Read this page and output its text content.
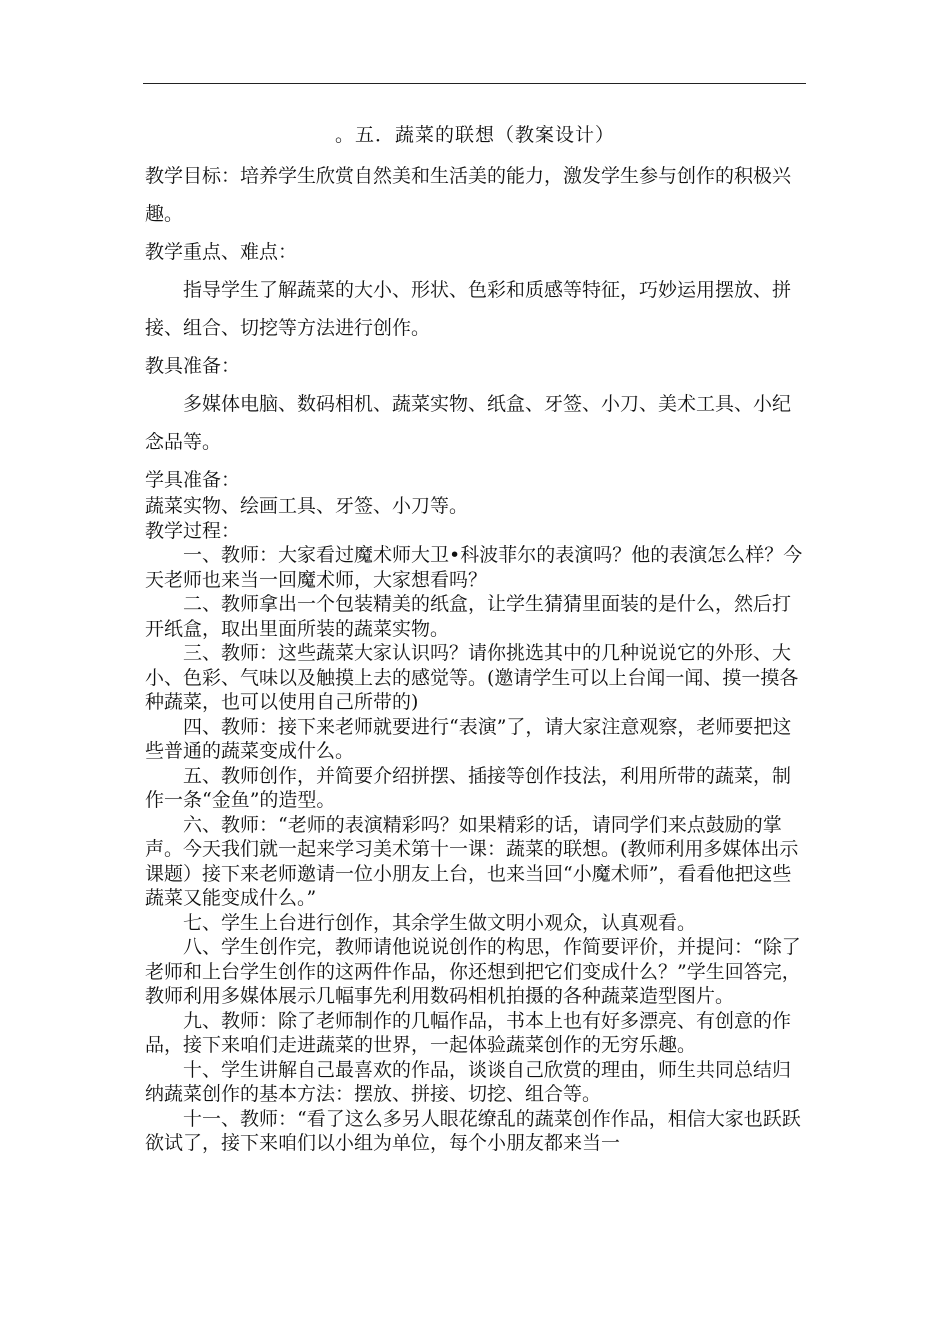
。五．蔬菜的联想（教案设计）

教学目标：培养学生欣赏自然美和生活美的能力，激发学生参与创作的积极兴趣。

教学重点、难点：

指导学生了解蔬菜的大小、形状、色彩和质感等特征，巧妙运用摆放、拼接、组合、切挖等方法进行创作。

教具准备：

多媒体电脑、数码相机、蔬菜实物、纸盒、牙签、小刀、美术工具、小纪念品等。

学具准备：

蔬菜实物、绘画工具、牙签、小刀等。

教学过程：

一、教师：大家看过魔术师大卫•科波菲尔的表演吗？他的表演怎么样？今天老师也来当一回魔术师，大家想看吗？

二、教师拿出一个包装精美的纸盒，让学生猜猜里面装的是什么，然后打开纸盒，取出里面所装的蔬菜实物。

三、教师：这些蔬菜大家认识吗？请你挑选其中的几种说说它的外形、大小、色彩、气味以及触摸上去的感觉等。(邀请学生可以上台闻一闻、摸一摸各种蔬菜，也可以使用自己所带的)

四、教师：接下来老师就要进行“表演”了，请大家注意观察，老师要把这些普通的蔬菜变成什么。

五、教师创作，并简要介绍拼摆、插接等创作技法，利用所带的蔬菜，制作一条“金鱼”的造型。

六、教师：“老师的表演精彩吗？如果精彩的话，请同学们来点鼓励的掌声。今天我们就一起来学习美术第十一课：蔬菜的联想。(教师利用多媒体出示课题）接下来老师邀请一位小朋友上台，也来当回“小魔术师”，看看他把这些蔬菜又能变成什么。”

七、学生上台进行创作，其余学生做文明小观众，认真观看。

八、学生创作完，教师请他说说创作的构思，作简要评价，并提问：“除了老师和上台学生创作的这两件作品，你还想到把它们变成什么？”学生回答完，教师利用多媒体展示几幅事先利用数码相机拍摄的各种蔬菜造型图片。

九、教师：除了老师制作的几幅作品，书本上也有好多漂亮、有创意的作品，接下来咱们走进蔬菜的世界，一起体验蔬菜创作的无穷乐趣。

十、学生讲解自己最喜欢的作品，谈谈自己欣赏的理由，师生共同总结归纳蔬菜创作的基本方法：摆放、拼接、切挖、组合等。

十一、教师：“看了这么多另人眼花缭乱的蔬菜创作作品，相信大家也跃跃欲试了，接下来咱们以小组为单位，每个小朋友都来当一
